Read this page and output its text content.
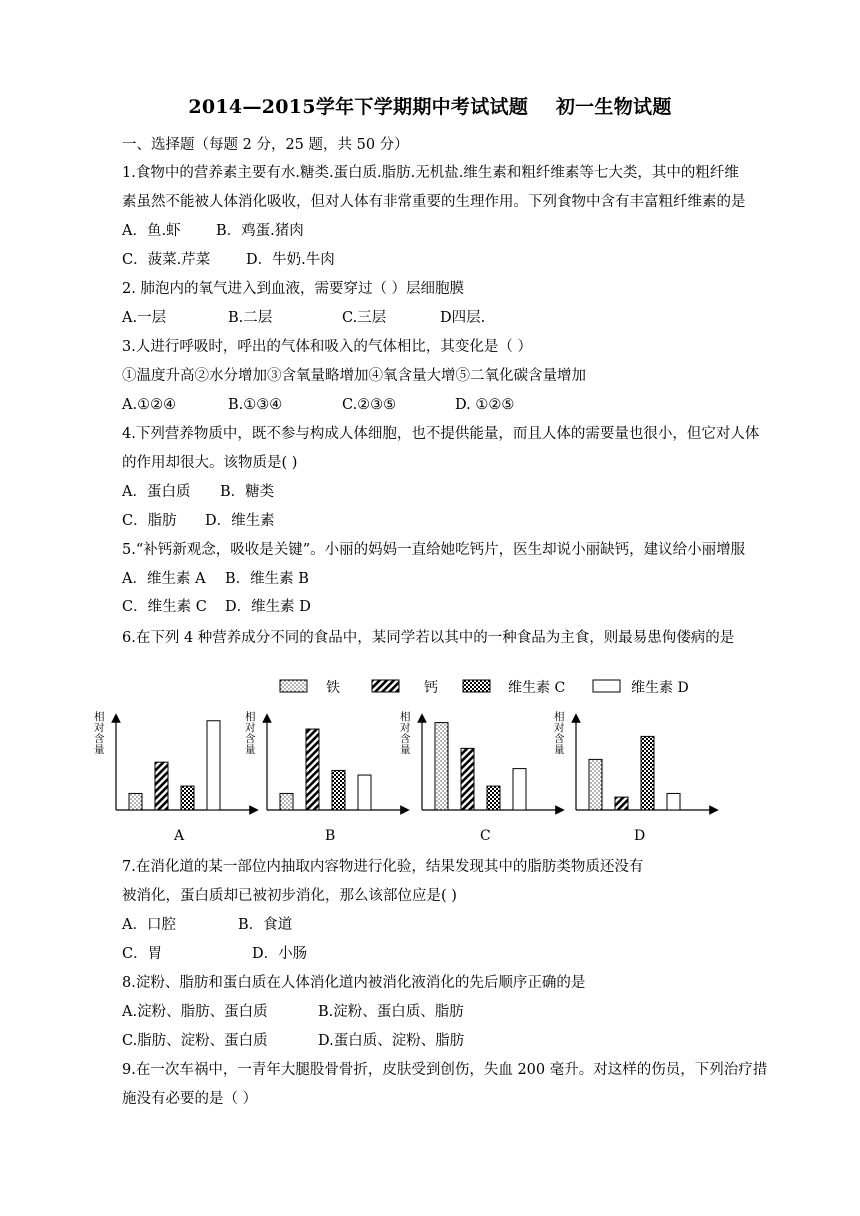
2014—2015学年下学期期中考试试题 初一生物试题
一、选择题（每题 2 分，25 题，共 50 分）
1.食物中的营养素主要有水.糖类.蛋白质.脂肪.无机盐.维生素和粗纤维素等七大类，其中的粗纤维
素虽然不能被人体消化吸收，但对人体有非常重要的生理作用。下列食物中含有丰富粗纤维素的是
A．鱼.虾 B．鸡蛋.猪肉
C．菠菜.芹菜 D．牛奶.牛肉
2. 肺泡内的氧气进入到血液，需要穿过（ ）层细胞膜
A.一层	B.二层	C.三层	D四层.
3.人进行呼吸时，呼出的气体和吸入的气体相比，其变化是（ ）
①温度升高②水分增加③含氧量略增加④氧含量大增⑤二氧化碳含量增加
A.①②④	B.①③④	C.②③⑤	D. ①②⑤
4.下列营养物质中，既不参与构成人体细胞，也不提供能量，而且人体的需要量也很小，但它对人体
的作用却很大。该物质是( )
A．蛋白质 B．糖类
C．脂肪 D．维生素
5.“补钙新观念，吸收是关键”。小丽的妈妈一直给她吃钙片，医生却说小丽缺钙，建议给小丽增服
A．维生素 A B．维生素 B
C．维生素 C D．维生素 D
6.在下列 4 种营养成分不同的食品中，某同学若以其中的一种食品为主食，则最易患佝偻病的是
铁	钙	维生素 C	维生素 D
相
对
含
量
A
相
对
含
量
B
相
对
含
量
C
相
对
含
量
D
7.在消化道的某一部位内抽取内容物进行化验，结果发现其中的脂肪类物质还没有
被消化，蛋白质却已被初步消化，那么该部位应是( )
A．口腔	B．食道
C．胃	D．小肠
8.淀粉、脂肪和蛋白质在人体消化道内被消化液消化的先后顺序正确的是
A.淀粉、脂肪、蛋白质	B.淀粉、蛋白质、脂肪
C.脂肪、淀粉、蛋白质	D.蛋白质、淀粉、脂肪
9.在一次车祸中，一青年大腿股骨骨折，皮肤受到创伤，失血 200 毫升。对这样的伤员，下列治疗措
施没有必要的是（ ）
